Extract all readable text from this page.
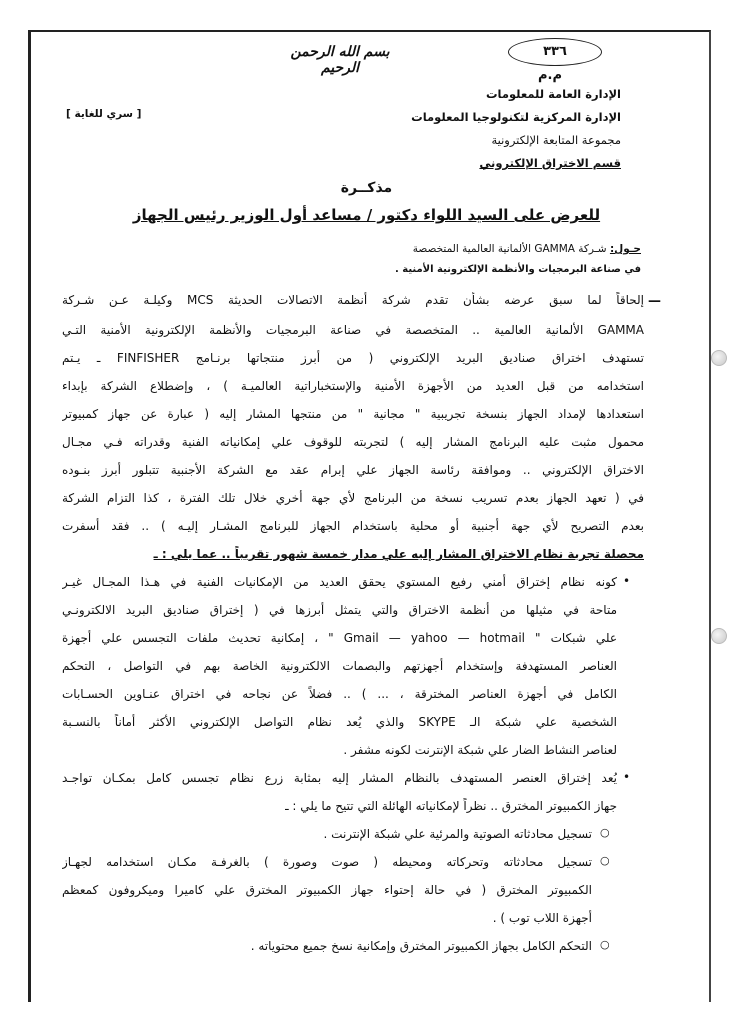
بسم الله الرحمن الرحيم
٣٣٦
م.م
الإدارة العامة للمعلومات
الإدارة المركزية لتكنولوجيا المعلومات
مجموعة المتابعة الإلكترونية
قسم الاختراق الإلكتروني
[ سري للغاية ]
مذكــرة
للعرض على السيد اللواء دكتور / مساعد أول الوزير رئيس الجهاز
حـول: شـركة GAMMA الألمانية العالمية المتخصصة
في صناعة البرمجيات والأنظمة الإلكترونية الأمنية .
—
إلحاقاً لما سبق عرضه بشأن تقدم شركة أنظمة الاتصالات الحديثة MCS وكيلـة عـن شـركة
GAMMA الألمانية العالمية .. المتخصصة في صناعة البرمجيات والأنظمة الإلكترونية الأمنية التـي
تستهدف اختراق صناديق البريد الإلكتروني ( من أبرز منتجاتها برنـامج FINFISHER ـ يـتم
استخدامه من قبل العديد من الأجهزة الأمنية والإستخباراتية العالميـة ) ، وإضطلاع الشركة بإبداء
استعدادها لإمداد الجهاز بنسخة تجريبية " مجانية " من منتجها المشار إليه ( عبارة عن جهاز كمبيوتر
محمول مثبت عليه البرنامج المشار إليه ) لتجربته للوقوف علي إمكانياته الفنية وقدراته فـي مجـال
الاختراق الإلكتروني .. وموافقة رئاسة الجهاز علي إبرام عقد مع الشركة الأجنبية تتبلور أبرز بنـوده
في ( تعهد الجهاز بعدم تسريب نسخة من البرنامج لأي جهة أخري خلال تلك الفترة ، كذا التزام الشركة
بعدم التصريح لأي جهة أجنبية أو محلية باستخدام الجهاز للبرنامج المشـار إليـه ) .. فقد أسفرت
محصلة تجربة نظام الاختراق المشار إليه علي مدار خمسة شهور تقريباً .. عما يلي : ـ
•
كونه نظام إختراق أمني رفيع المستوي يحقق العديد من الإمكانيات الفنية في هـذا المجـال غيـر
متاحة في مثيلها من أنظمة الاختراق والتي يتمثل أبرزها في ( إختراق صناديق البريد الالكترونـي
علي شبكات " Gmail — yahoo — hotmail " ، إمكانية تحديث ملفات التجسس علي أجهزة
العناصر المستهدفة وإستخدام أجهزتهم والبصمات الالكترونية الخاصة بهم في التواصل ، التحكم
الكامل في أجهزة العناصر المخترقة ، ... ) .. فضلاً عن نجاحه في اختراق عنـاوين الحسـابات
الشخصية علي شبكة الـ SKYPE والذي يُعد نظام التواصل الإلكتروني الأكثر أماناً بالنسـبة
لعناصر النشاط الضار علي شبكة الإنترنت لكونه مشفر .
•
يُعد إختراق العنصر المستهدف بالنظام المشار إليه بمثابة زرع نظام تجسس كامل بمكـان تواجـد
جهاز الكمبيوتر المخترق .. نظراً لإمكانياته الهائلة التي تتيح ما يلي : ـ
○
تسجيل محادثاته الصوتية والمرئية علي شبكة الإنترنت .
○
تسجيل محادثاته وتحركاته ومحيطه ( صوت وصورة ) بالغرفـة مكـان استخدامه لجهـاز
الكمبيوتر المخترق ( في حالة إحتواء جهاز الكمبيوتر المخترق علي كاميرا وميكروفون كمعظم
أجهزة اللاب توب ) .
○
التحكم الكامل بجهاز الكمبيوتر المخترق وإمكانية نسخ جميع محتوياته .
